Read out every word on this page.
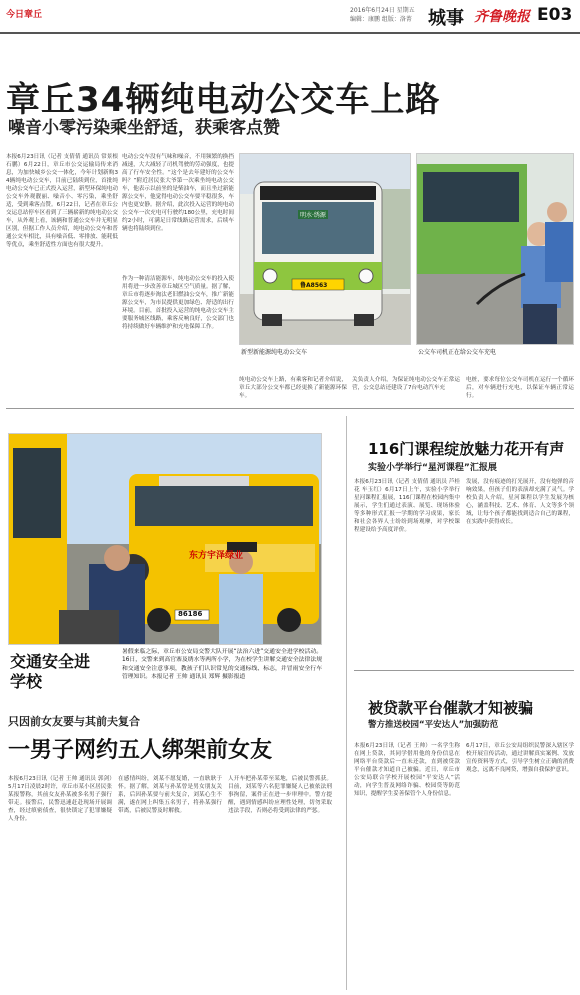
今日章丘	2016年6月24日 星期五
编辑：康鹏 组版：洛菁 城事 齐鲁晚报 E03
章丘34辆纯电动公交车上路
噪音小零污染乘坐舒适，获乘客点赞
本报6月23日讯（记者 支倩倩 通讯员 常景根 石鹏）6月22日，章丘市公交运输局传来消息，为加快城乡公交一体化，今年计划新购34辆纯电动公交车，目前已陆续到位，首批纯电动公交车已正式投入运营，新型环保纯电动公交车外观靓丽、噪音小、零污染，乘坐舒适，受到乘客点赞。6月22日，记者在章丘公交运总站停车区看到了三辆崭新的纯电动公交车，从外观上看，该辆和普通公交车并无明显区别，但据工作人员介绍，纯电动公交车和普通公交车相比，具有噪音低、零排放、能耗低等优点，乘坐舒适性方面也有很大提升。
电动公交车没有气味和噪音，不用频繁的换挡减速，大大减轻了司机驾驶的劳动强度，也提高了行车安全性。“这个是去年建好的公交车吗？”附近居民张大爷第一次乘坐纯电动公交车，他表示以前坐的是柴油车，而且坐过新能源公交车，他觉得电动公交车要平稳很多，车内也更安静。据介绍，此次投入运营的纯电动公交车一次充电可行驶约180公里，充电时间约2小时，可满足日常线路运营需求，后续车辆也将陆续到位。
作为一种清洁能源车，纯电动公交车的投入使用将进一步改善章丘城区空气质量。据了解，章丘市将逐步淘汰老旧燃油公交车，推广新能源公交车，为市民提供更加绿色、舒适的出行环境。目前，首批投入运营的纯电动公交车主要服务城区线路，乘客反响良好，公交部门也将持续做好车辆维护和充电保障工作。
明水·绣源
鲁A8563
新型新能源纯电动公交车	公交车司机正在给公交车充电
纯电动公交车上路，有乘客和记者介绍说，章丘大部分公交车都已经更换了新能源环保车。
关负责人介绍，为保证纯电动公交车正常运营，公交总站还建设了7台电动汽车充
电桩，要求每位公交车司机在运行一个循环后，对车辆进行充电，以保证车辆正常运行。
东方宇泽绿业
86186
交通安全进学校
暑假来临之际，章丘市公安局交警大队开展“法治六进”交通安全进学校活动。16日，交警来到高官寨及绣水等两所小学，为在校学生讲解交通安全法律法规和交通安全注意事项，教孩子们认识常见的交通标线、标志，并冒雨安全行车管理知识。本报记者 王帅 通讯员 郑辉 摄影报道
116门课程绽放魅力花开有声
实验小学举行“星河课程”汇报展
本报6月23日讯（记者 支倩倩 通讯员 芦桂花 车玉红）6月17日上午，实验小学举行星河课程汇报展，116门课程在校园内集中展示，学生们通过表演、展览、现场体验等多种形式汇报一学期的学习成果，家长和社会各界人士纷纷到场观摩，对学校课程建设给予高度评价。
发展，没有痕迹的打光展开，没有炮弹的音响效果，但孩子们的表演却充满了灵气。学校负责人介绍，星河课程以学生发展为核心，涵盖科技、艺术、体育、人文等多个领域，让每个孩子都能找到适合自己的课程，在实践中获得成长。
被贷款平台催款才知被骗
警方推送校园“平安达人”加强防范
本报6月23日讯（记者 王帅）一名学生称在网上贷款，其同学借用他的身份信息在网络平台贷款后一直未还款，直到被贷款平台催款才知道自己被骗。近日，章丘市公安局联合学校开展校园“平安达人”活动，向学生普及网络诈骗、校园贷等防范知识，提醒学生妥善保管个人身份信息。
6月17日，章丘公安局组织民警深入辖区学校开展宣传活动，通过讲解真实案例、发放宣传资料等方式，引导学生树立正确的消费观念，远离不良网贷，增强自我保护意识。
只因前女友要与其前夫复合
一男子网约五人绑架前女友
本报6月23日讯（记者 王帅 通讯员 郭剑）5月17日凌晨2时许，章丘市某小区居民张某报警称，其前女友孙某被多名男子强行带走。接警后，民警迅速赶赴现场开展调查，经过缜密侦查，很快锁定了犯罪嫌疑人身份。
在感情纠纷，刘某不愿复婚，一直耿耿于怀。据了解，刘某与孙某曾是男女朋友关系，后因孙某要与前夫复合，刘某心生不满，遂在网上纠集五名男子，将孙某强行带离，后被民警及时解救。
人开车把孙某带至某地，后被民警抓获。目前，刘某等六名犯罪嫌疑人已被依法刑事拘留，案件正在进一步审理中。警方提醒，遇到情感纠纷应理性处理，切勿采取违法手段，否则必将受到法律的严惩。
